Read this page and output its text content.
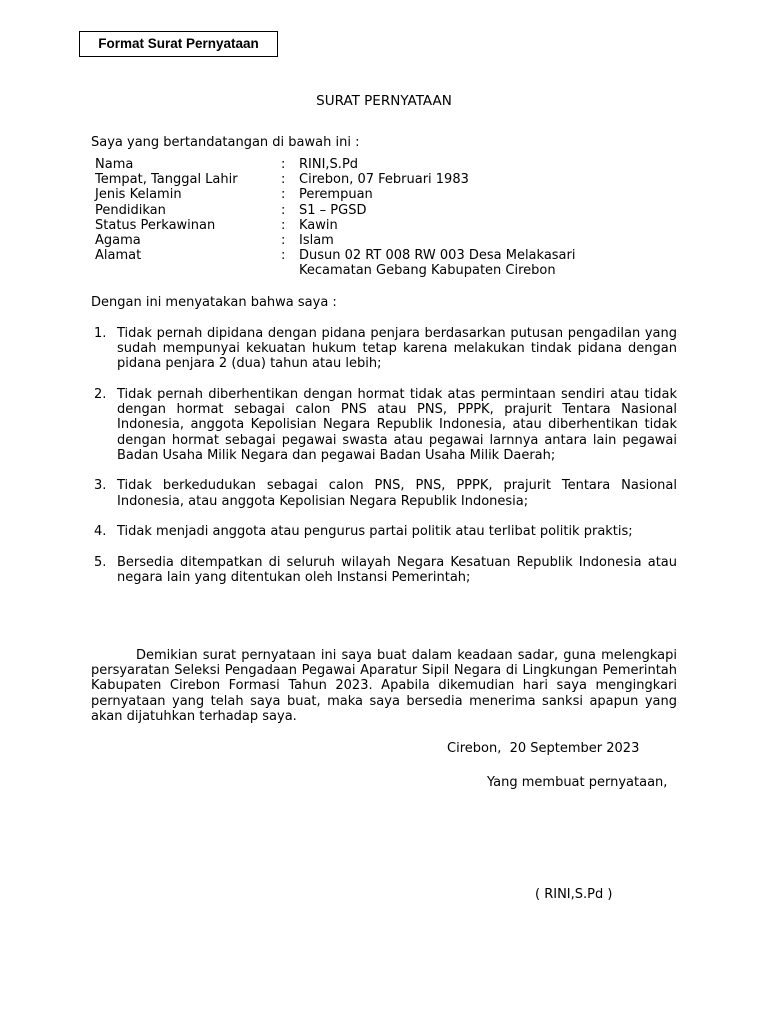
Format Surat Pernyataan
SURAT PERNYATAAN
Saya yang bertandatangan di bawah ini :
Nama	:	RINI,S.Pd
Tempat, Tanggal Lahir	:	Cirebon, 07 Februari 1983
Jenis Kelamin	:	Perempuan
Pendidikan	:	S1 – PGSD
Status Perkawinan	:	Kawin
Agama	:	Islam
Alamat	:	Dusun 02 RT 008 RW 003 Desa Melakasari
Kecamatan Gebang Kabupaten Cirebon
Dengan ini menyatakan bahwa saya :
1. Tidak pernah dipidana dengan pidana penjara berdasarkan putusan pengadilan yang sudah mempunyai kekuatan hukum tetap karena melakukan tindak pidana dengan pidana penjara 2 (dua) tahun atau lebih;
2. Tidak pernah diberhentikan dengan hormat tidak atas permintaan sendiri atau tidak dengan hormat sebagai calon PNS atau PNS, PPPK, prajurit Tentara Nasional Indonesia, anggota Kepolisian Negara Republik Indonesia, atau diberhentikan tidak dengan hormat sebagai pegawai swasta atau pegawai larnnya antara lain pegawai Badan Usaha Milik Negara dan pegawai Badan Usaha Milik Daerah;
3. Tidak berkedudukan sebagai calon PNS, PNS, PPPK, prajurit Tentara Nasional Indonesia, atau anggota Kepolisian Negara Republik Indonesia;
4. Tidak menjadi anggota atau pengurus partai politik atau terlibat politik praktis;
5. Bersedia ditempatkan di seluruh wilayah Negara Kesatuan Republik Indonesia atau negara lain yang ditentukan oleh Instansi Pemerintah;
Demikian surat pernyataan ini saya buat dalam keadaan sadar, guna melengkapi persyaratan Seleksi Pengadaan Pegawai Aparatur Sipil Negara di Lingkungan Pemerintah Kabupaten Cirebon Formasi Tahun 2023. Apabila dikemudian hari saya mengingkari pernyataan yang telah saya buat, maka saya bersedia menerima sanksi apapun yang akan dijatuhkan terhadap saya.
Cirebon,  20 September 2023
Yang membuat pernyataan,
( RINI,S.Pd )
